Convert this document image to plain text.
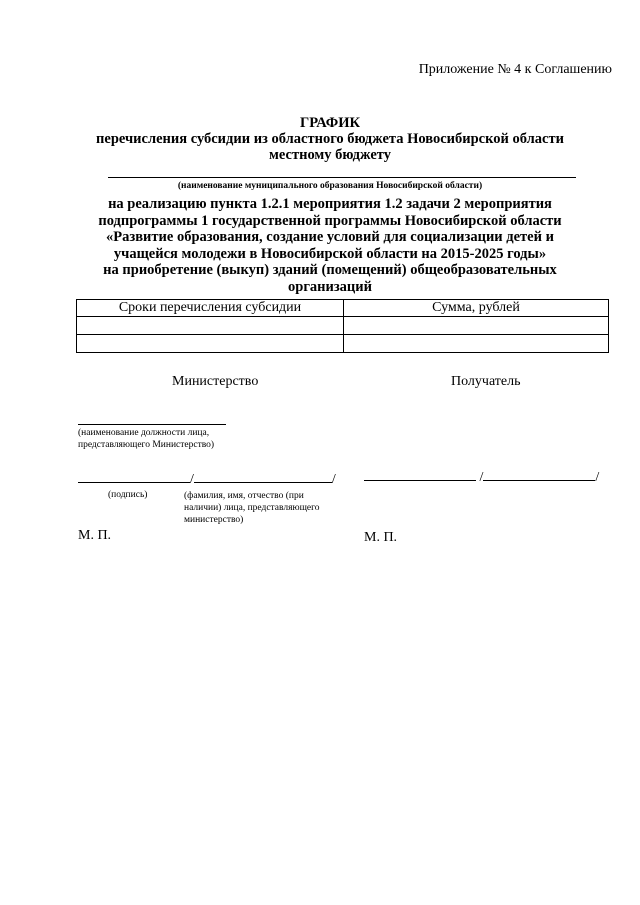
Приложение № 4 к Соглашению
ГРАФИК
перечисления субсидии из областного бюджета Новосибирской области
местному бюджету
(наименование муниципального образования Новосибирской области)
на реализацию пункта 1.2.1 мероприятия 1.2 задачи 2 мероприятия
подпрограммы 1 государственной программы Новосибирской области
«Развитие образования, создание условий для социализации детей и
учащейся молодежи в Новосибирской области на 2015-2025 годы»
на приобретение (выкуп) зданий (помещений) общеобразовательных
организаций
Сроки перечисления субсидии	Сумма, рублей

Министерство	Получатель
(наименование должности лица,
представляющего Министерство)
/	/	/	/
(подпись)	(фамилия, имя, отчество (при
наличии) лица, представляющего
министерство)
М. П.	М. П.
